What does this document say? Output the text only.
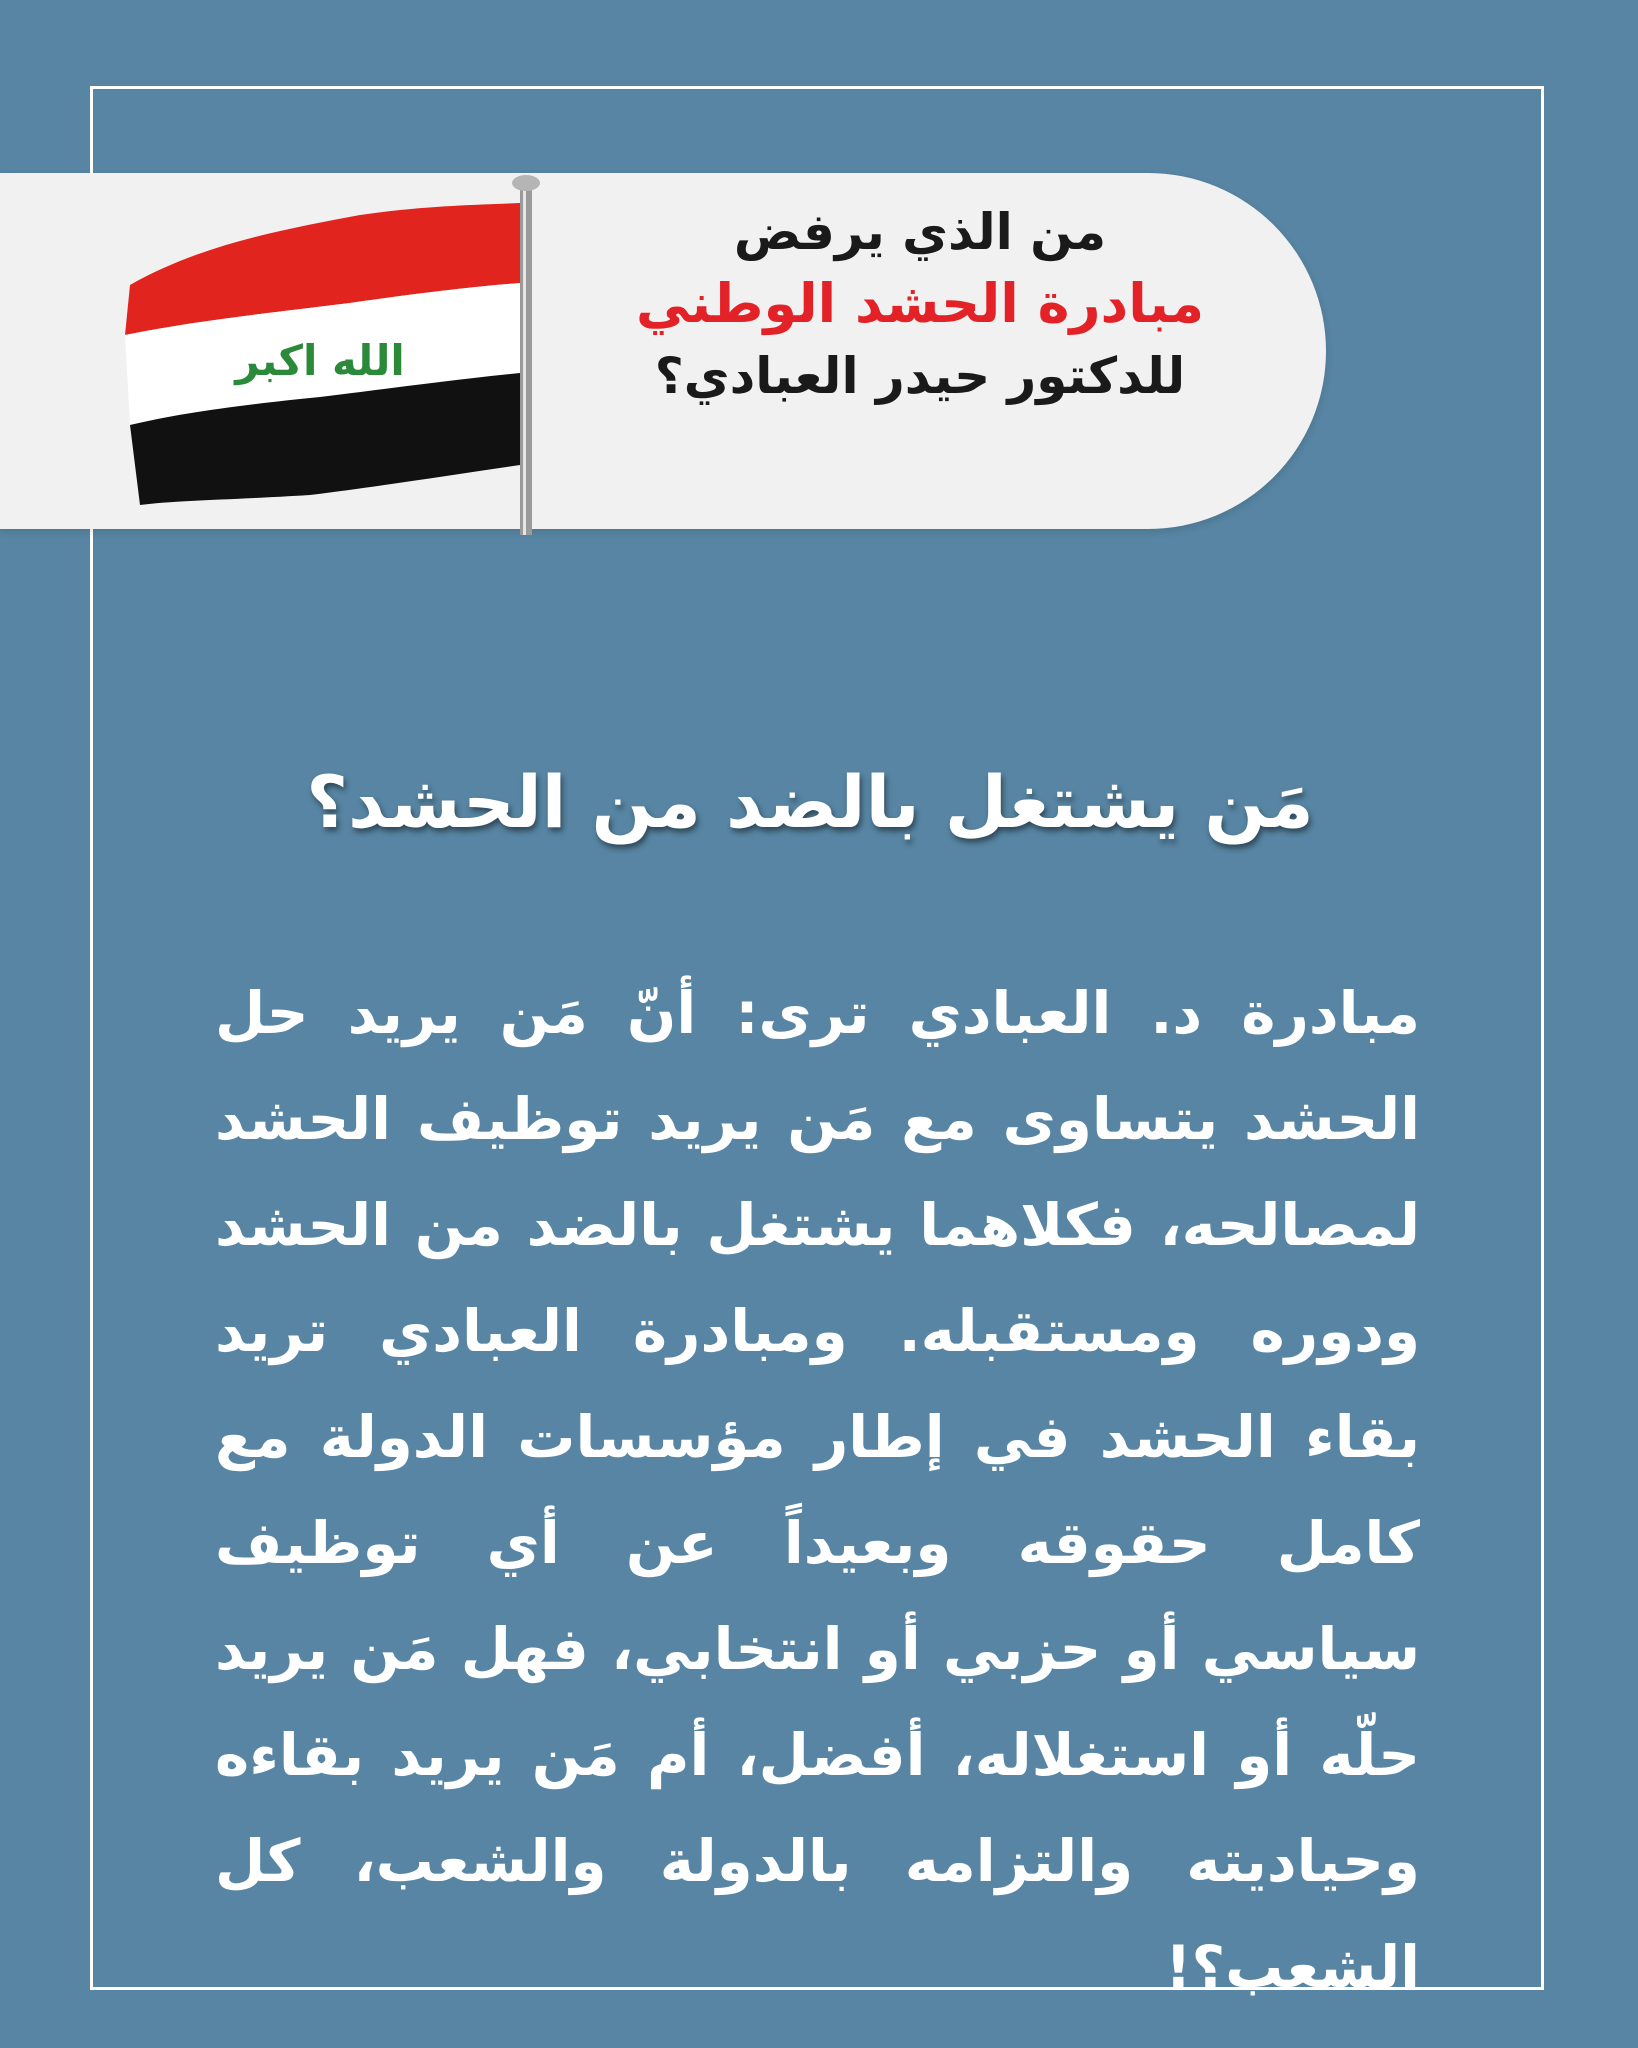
الله اكبر
من الذي يرفض
مبادرة الحشد الوطني
للدكتور حيدر العبادي؟
مَن يشتغل بالضد من الحشد؟
مبادرة د. العبادي ترى: أنّ مَن يريد حل الحشد يتساوى مع مَن يريد توظيف الحشد لمصالحه، فكلاهما يشتغل بالضد من الحشد ودوره ومستقبله. ومبادرة العبادي تريد بقاء الحشد في إطار مؤسسات الدولة مع كامل حقوقه وبعيداً عن أي توظيف سياسي أو حزبي أو انتخابي، فهل مَن يريد حلّه أو استغلاله، أفضل، أم مَن يريد بقاءه وحياديته والتزامه بالدولة والشعب، كل الشعب؟!
